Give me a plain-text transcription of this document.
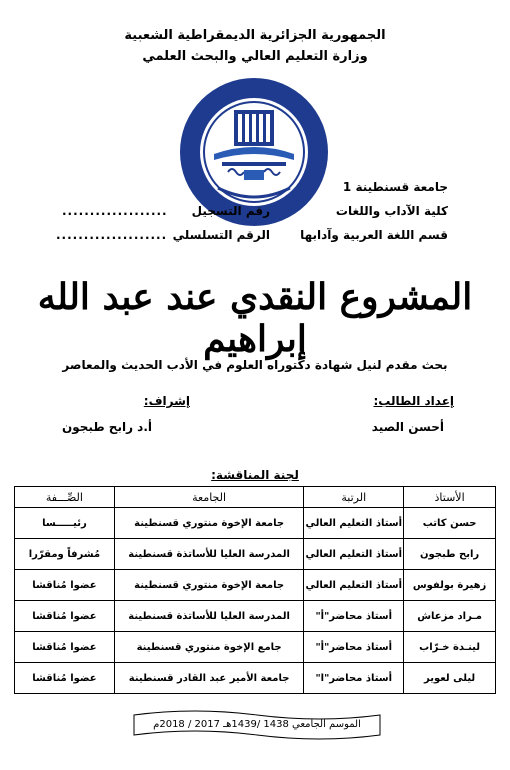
الجمهورية الجزائرية الديمقراطية الشعبية
وزارة التعليم العالي والبحث العلمي
جامعة قسنطينة 1
كلية الآداب واللغات
قسم اللغة العربية وآدابها
رقم التسجيل
...................
الرقم التسلسلي
....................
المشروع النقدي عند عبد الله إبراهيم
بحث مقدم لنيل شهادة دكتوراه العلوم في الأدب الحديث والمعاصر
إعداد الطالب:
أحسن الصيد
إشراف:
أ.د رابح طبجون
لجنة المناقشة:
الأستاذ	الرتبة	الجامعة	الصِّـــفة
حسن كاتب	أستاذ التعليم العالي	جامعة الإخوة منتوري قسنطينة	رئيـــــسا
رابح طبجون	أستاذ التعليم العالي	المدرسة العليا للأساتذة قسنطينة	مُشرفاً ومقرّرا
زهيرة بولفوس	أستاذ التعليم العالي	جامعة الإخوة منتوري قسنطينة	عضوا مُناقشا
مـراد مزعاش	أستاذ محاضر"أ"	المدرسة العليا للأساتذة قسنطينة	عضوا مُناقشا
لينـدة خـرّاب	أستاذ محاضر"أ"	جامع الإخوة منتوري قسنطينة	عضوا مُناقشا
ليلى لعوير	أستاذ محاضر"ا"	جامعة الأمير عبد القادر قسنطينة	عضوا مُناقشا
الموسم الجامعي 1438 /1439هـ 2017 / 2018م
